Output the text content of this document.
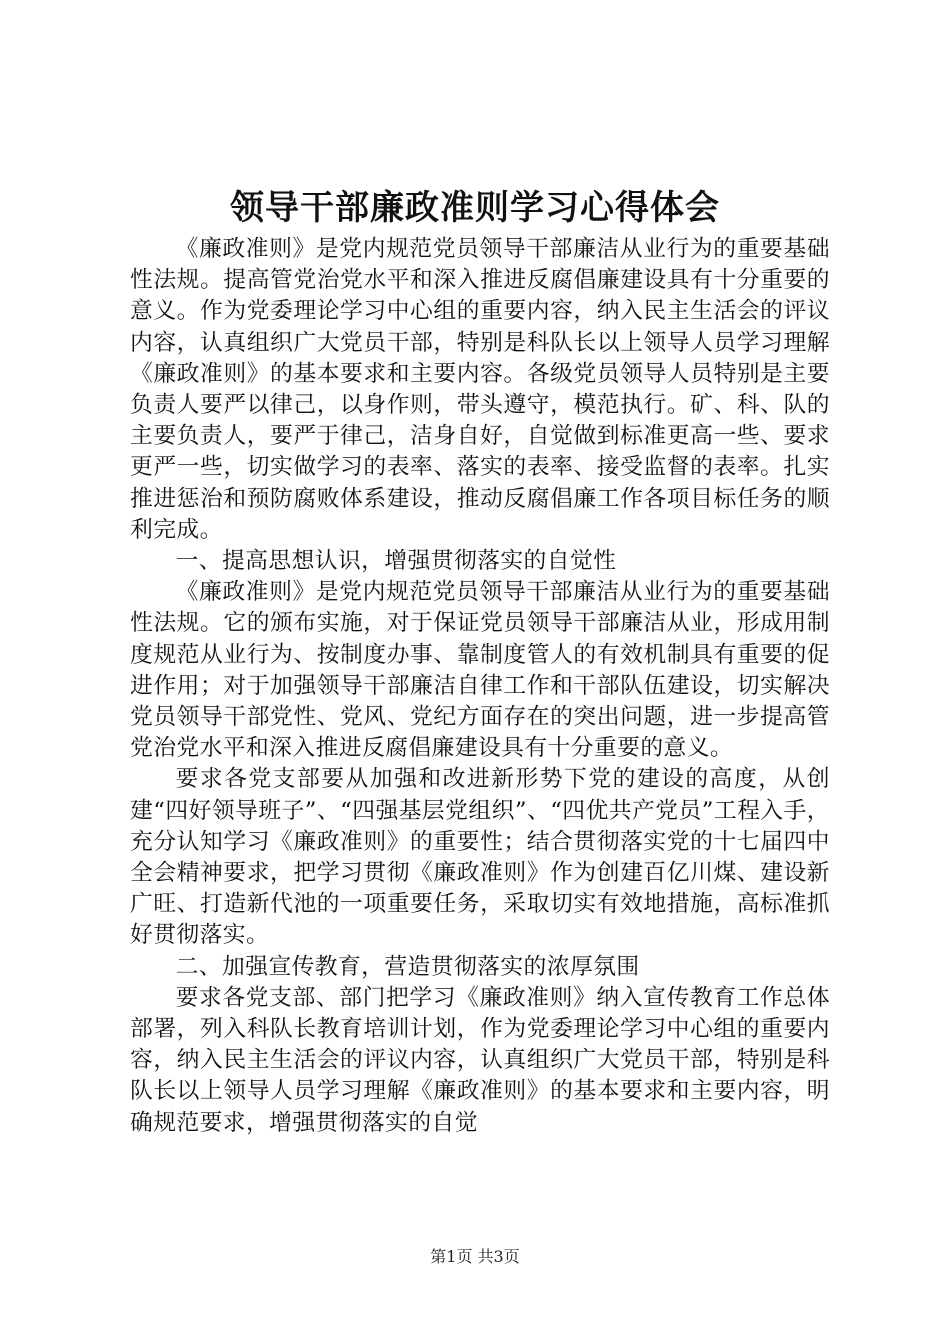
领导干部廉政准则学习心得体会

《廉政准则》是党内规范党员领导干部廉洁从业行为的重要基础性法规。提高管党治党水平和深入推进反腐倡廉建设具有十分重要的意义。作为党委理论学习中心组的重要内容，纳入民主生活会的评议内容，认真组织广大党员干部，特别是科队长以上领导人员学习理解《廉政准则》的基本要求和主要内容。各级党员领导人员特别是主要负责人要严以律己，以身作则，带头遵守，模范执行。矿、科、队的主要负责人，要严于律己，洁身自好，自觉做到标准更高一些、要求更严一些，切实做学习的表率、落实的表率、接受监督的表率。扎实推进惩治和预防腐败体系建设，推动反腐倡廉工作各项目标任务的顺利完成。

一、提高思想认识，增强贯彻落实的自觉性

《廉政准则》是党内规范党员领导干部廉洁从业行为的重要基础性法规。它的颁布实施，对于保证党员领导干部廉洁从业，形成用制度规范从业行为、按制度办事、靠制度管人的有效机制具有重要的促进作用；对于加强领导干部廉洁自律工作和干部队伍建设，切实解决党员领导干部党性、党风、党纪方面存在的突出问题，进一步提高管党治党水平和深入推进反腐倡廉建设具有十分重要的意义。

要求各党支部要从加强和改进新形势下党的建设的高度，从创建“四好领导班子”、“四强基层党组织”、“四优共产党员”工程入手，充分认知学习《廉政准则》的重要性；结合贯彻落实党的十七届四中全会精神要求，把学习贯彻《廉政准则》作为创建百亿川煤、建设新广旺、打造新代池的一项重要任务，采取切实有效地措施，高标准抓好贯彻落实。

二、加强宣传教育，营造贯彻落实的浓厚氛围

要求各党支部、部门把学习《廉政准则》纳入宣传教育工作总体部署，列入科队长教育培训计划，作为党委理论学习中心组的重要内容，纳入民主生活会的评议内容，认真组织广大党员干部，特别是科队长以上领导人员学习理解《廉政准则》的基本要求和主要内容，明确规范要求，增强贯彻落实的自觉

第1页 共3页
